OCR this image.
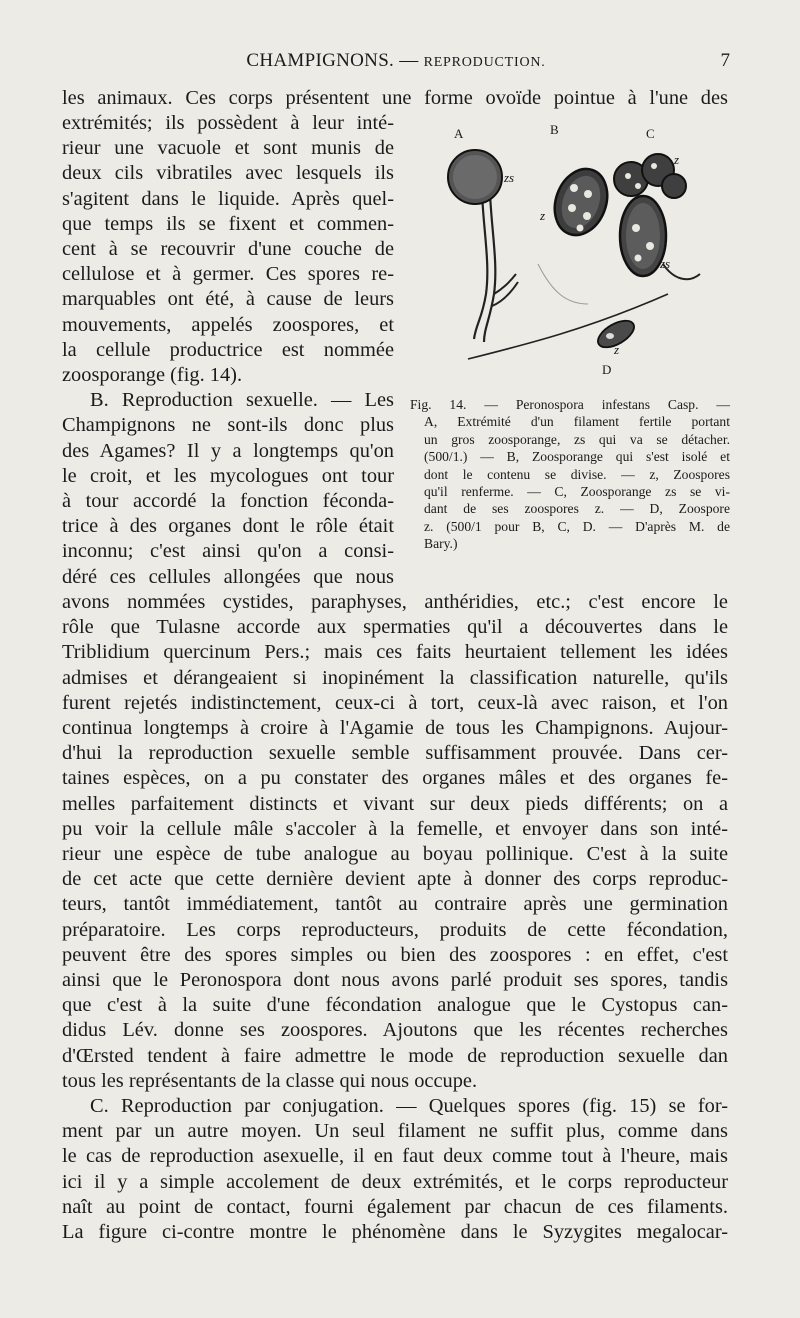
CHAMPIGNONS. — REPRODUCTION.	7
les animaux. Ces corps présentent une forme ovoïde pointue à l'une des
extrémités; ils possèdent à leur inté-
rieur une vacuole et sont munis de
deux cils vibratiles avec lesquels ils
s'agitent dans le liquide. Après quel-
que temps ils se fixent et commen-
cent à se recouvrir d'une couche de
cellulose et à germer. Ces spores re-
marquables ont été, à cause de leurs
mouvements, appelés zoospores, et
la cellule productrice est nommée
zoosporange (fig. 14).
B. Reproduction sexuelle. — Les
Champignons ne sont-ils donc plus
des Agames? Il y a longtemps qu'on
le croit, et les mycologues ont tour
à tour accordé la fonction féconda-
trice à des organes dont le rôle était
inconnu; c'est ainsi qu'on a consi-
déré ces cellules allongées que nous
A	B	C
D
zs
zs
z
z
z
Fig. 14. — Peronospora infestans Casp. —
A, Extrémité d'un filament fertile portant
un gros zoosporange, zs qui va se détacher.
(500/1.) — B, Zoosporange qui s'est isolé et
dont le contenu se divise. — z, Zoospores
qu'il renferme. — C, Zoosporange zs se vi-
dant de ses zoospores z. — D, Zoospore
z. (500/1 pour B, C, D. — D'après M. de
Bary.)
avons nommées cystides, paraphyses, anthéridies, etc.; c'est encore le
rôle que Tulasne accorde aux spermaties qu'il a découvertes dans le
Triblidium quercinum Pers.; mais ces faits heurtaient tellement les idées
admises et dérangeaient si inopinément la classification naturelle, qu'ils
furent rejetés indistinctement, ceux-ci à tort, ceux-là avec raison, et l'on
continua longtemps à croire à l'Agamie de tous les Champignons. Aujour-
d'hui la reproduction sexuelle semble suffisamment prouvée. Dans cer-
taines espèces, on a pu constater des organes mâles et des organes fe-
melles parfaitement distincts et vivant sur deux pieds différents; on a
pu voir la cellule mâle s'accoler à la femelle, et envoyer dans son inté-
rieur une espèce de tube analogue au boyau pollinique. C'est à la suite
de cet acte que cette dernière devient apte à donner des corps reproduc-
teurs, tantôt immédiatement, tantôt au contraire après une germination
préparatoire. Les corps reproducteurs, produits de cette fécondation,
peuvent être des spores simples ou bien des zoospores : en effet, c'est
ainsi que le Peronospora dont nous avons parlé produit ses spores, tandis
que c'est à la suite d'une fécondation analogue que le Cystopus can-
didus Lév. donne ses zoospores. Ajoutons que les récentes recherches
d'Œrsted tendent à faire admettre le mode de reproduction sexuelle dan
tous les représentants de la classe qui nous occupe.
C. Reproduction par conjugation. — Quelques spores (fig. 15) se for-
ment par un autre moyen. Un seul filament ne suffit plus, comme dans
le cas de reproduction asexuelle, il en faut deux comme tout à l'heure, mais
ici il y a simple accolement de deux extrémités, et le corps reproducteur
naît au point de contact, fourni également par chacun de ces filaments.
La figure ci-contre montre le phénomène dans le Syzygites megalocar-
